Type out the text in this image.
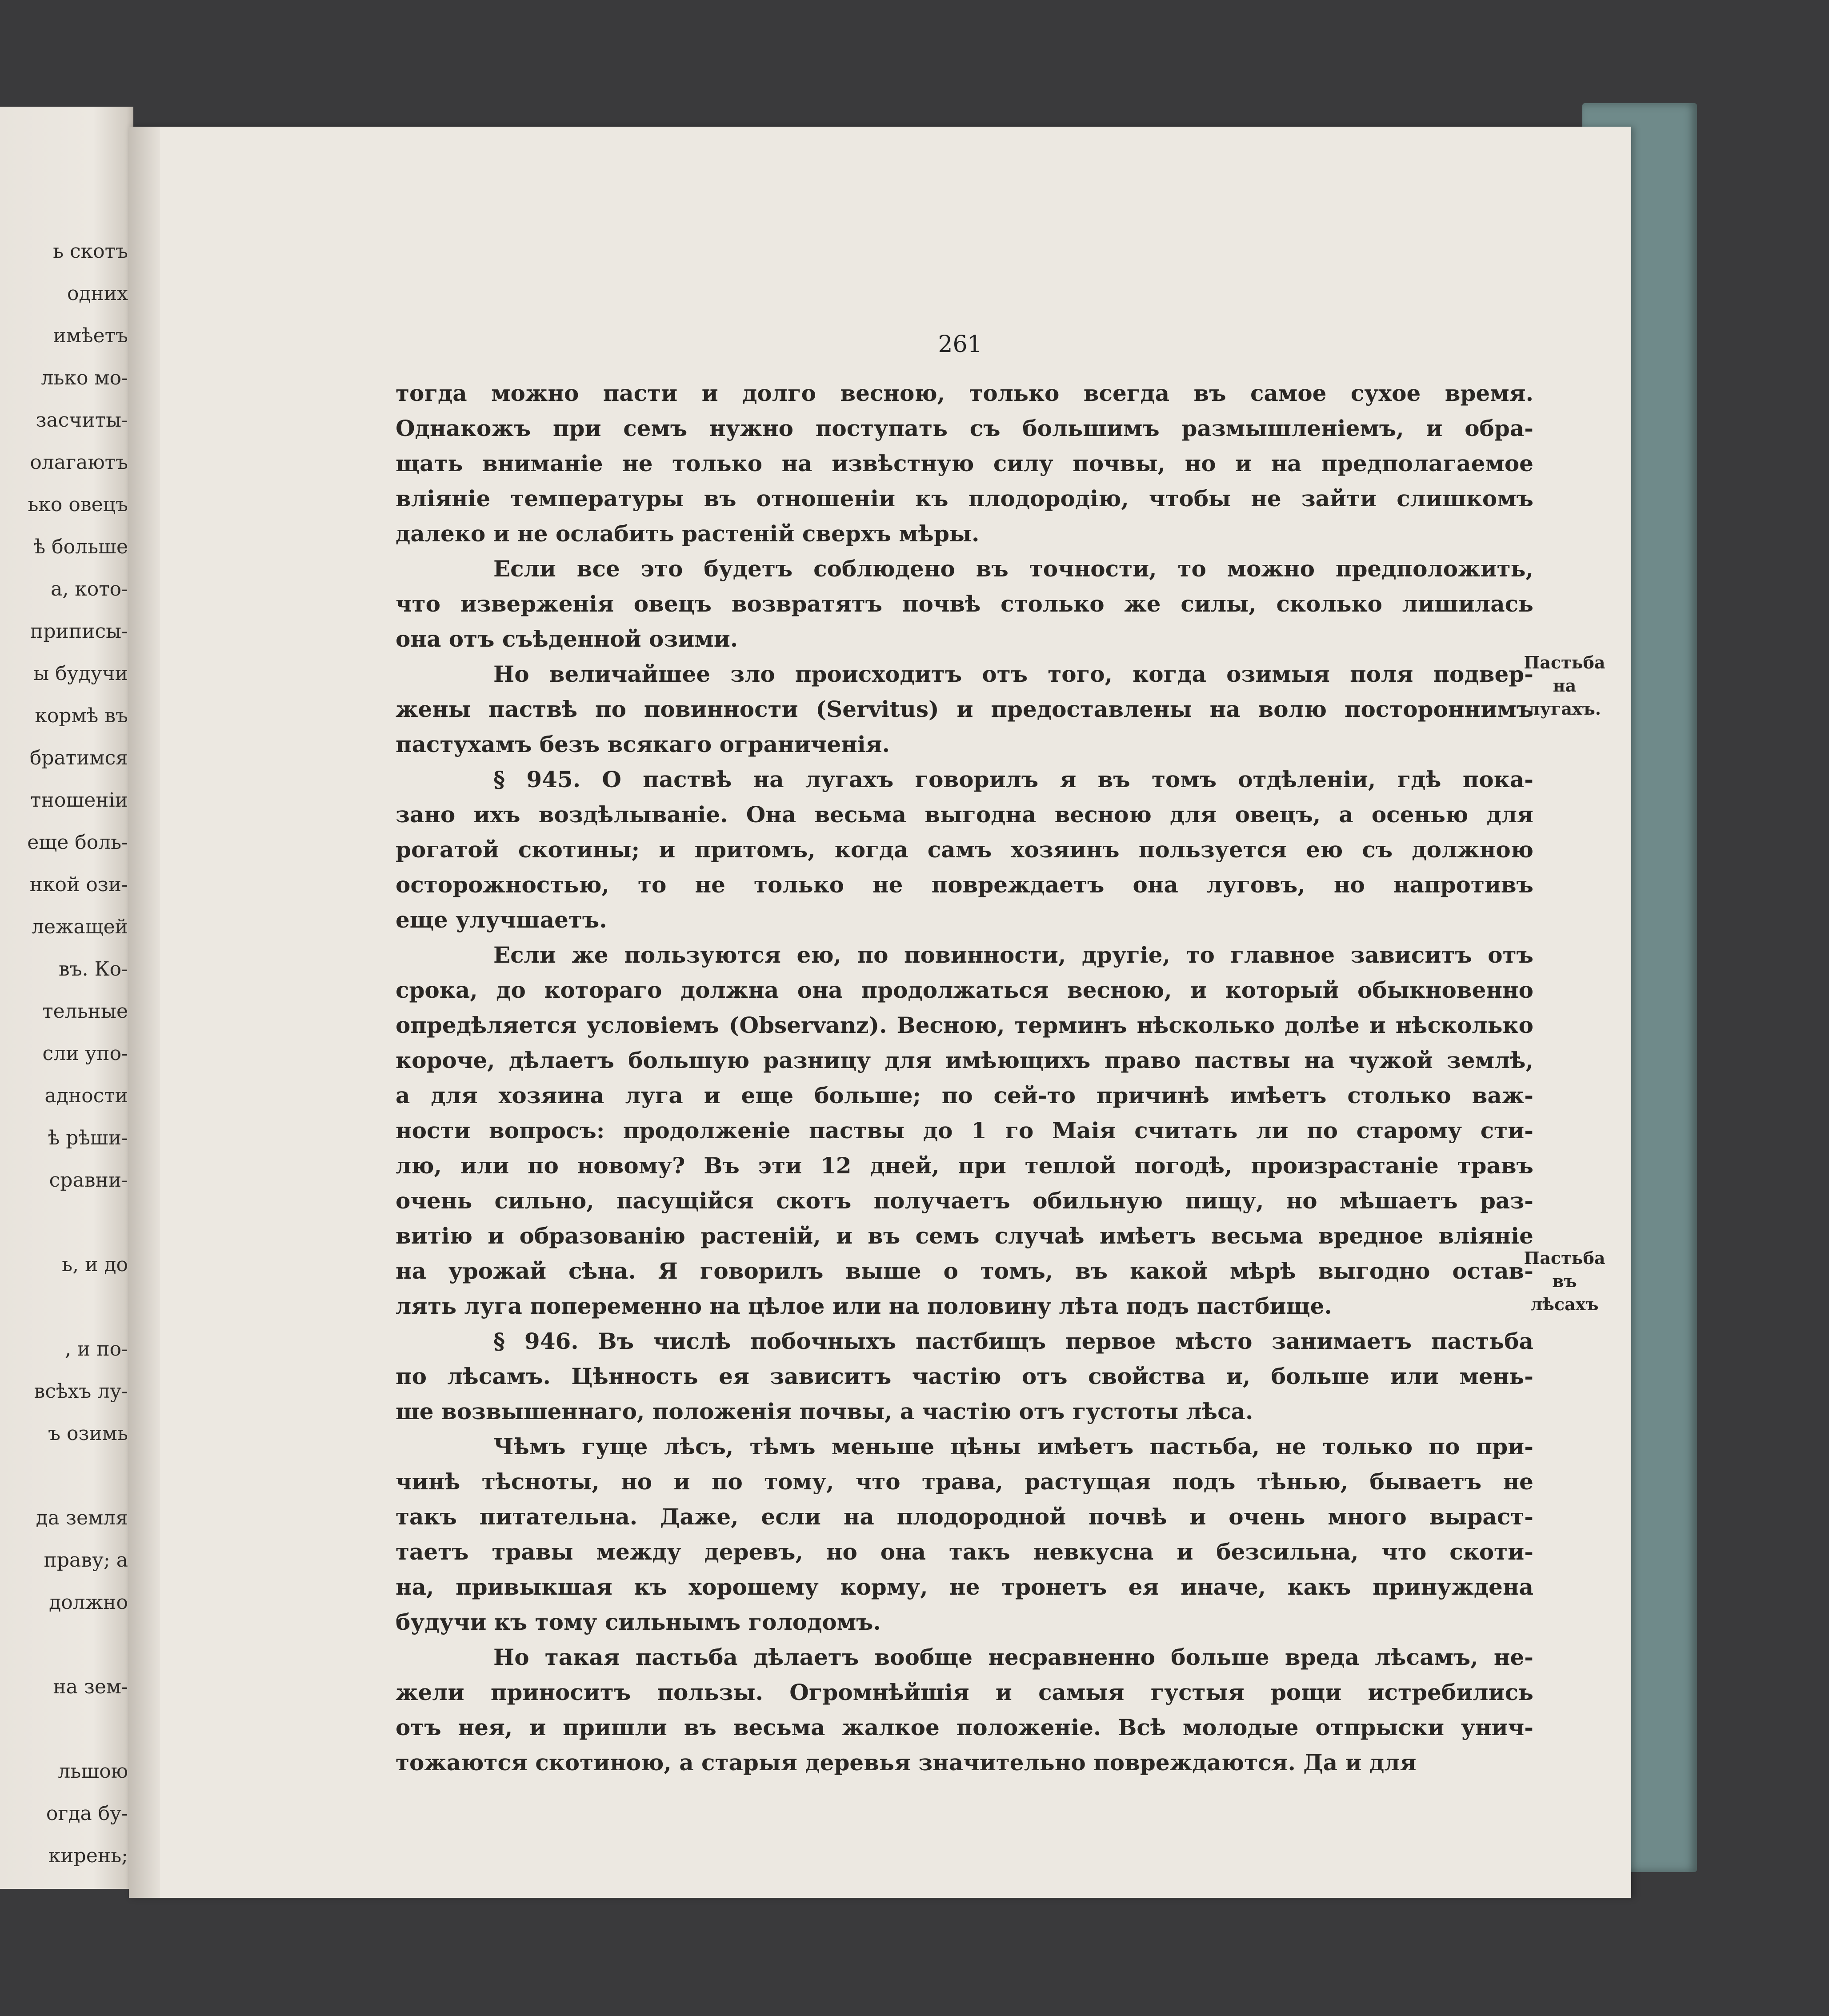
ь скотъ
одних
имѣетъ
лько мо-
засчиты-
олагаютъ
ько овецъ
ѣ больше
а, кото-
приписы-
ы будучи
кормѣ въ
братимся
тношеніи
еще боль-
нкой ози-
лежащей
въ. Ко-
тельные
сли упо-
адности
ѣ рѣши-
сравни-
ь, и до
, и по-
всѣхъ лу-
ъ озимь
да земля
праву; а
должно
на зем-
льшою
огда бу-
кирень;
261
тогда можно пасти и долго весною, только всегда въ самое сухое время.
Однакожъ при семъ нужно поступать съ большимъ размышленіемъ, и обра-
щать вниманіе не только на извѣстную силу почвы, но и на предполагаемое
вліяніе температуры въ отношеніи къ плодородію, чтобы не зайти слишкомъ
далеко и не ослабить растеній сверхъ мѣры.
Если все это будетъ соблюдено въ точности, то можно предположить,
что изверженія овецъ возвратятъ почвѣ столько же силы, сколько лишилась
она отъ съѣденной озими.
Но величайшее зло происходитъ отъ того, когда озимыя поля подвер-
жены паствѣ по повинности (Servitus) и предоставлены на волю постороннимъ
пастухамъ безъ всякаго ограниченія.
§ 945. О паствѣ на лугахъ говорилъ я въ томъ отдѣленіи, гдѣ пока-
зано ихъ воздѣлываніе. Она весьма выгодна весною для овецъ, а осенью для
рогатой скотины; и притомъ, когда самъ хозяинъ пользуется ею съ должною
осторожностью, то не только не повреждаетъ она луговъ, но напротивъ
еще улучшаетъ.
Если же пользуются ею, по повинности, другіе, то главное зависитъ отъ
срока, до котораго должна она продолжаться весною, и который обыкновенно
опредѣляется условіемъ (Observanz). Весною, терминъ нѣсколько долѣе и нѣсколько
короче, дѣлаетъ большую разницу для имѣющихъ право паствы на чужой землѣ,
а для хозяина луга и еще больше; по сей-то причинѣ имѣетъ столько важ-
ности вопросъ: продолженіе паствы до 1 го Маія считать ли по старому сти-
лю, или по новому? Въ эти 12 дней, при теплой погодѣ, произрастаніе травъ
очень сильно, пасущійся скотъ получаетъ обильную пищу, но мѣшаетъ раз-
витію и образованію растеній, и въ семъ случаѣ имѣетъ весьма вредное вліяніе
на урожай сѣна. Я говорилъ выше о томъ, въ какой мѣрѣ выгодно остав-
лять луга попеременно на цѣлое или на половину лѣта подъ пастбище.
§ 946. Въ числѣ побочныхъ пастбищъ первое мѣсто занимаетъ пастьба
по лѣсамъ. Цѣнность ея зависитъ частію отъ свойства и, больше или мень-
ше возвышеннаго, положенія почвы, а частію отъ густоты лѣса.
Чѣмъ гуще лѣсъ, тѣмъ меньше цѣны имѣетъ пастьба, не только по при-
чинѣ тѣсноты, но и по тому, что трава, растущая подъ тѣнью, бываетъ не
такъ питательна. Даже, если на плодородной почвѣ и очень много выраст-
таетъ травы между деревъ, но она такъ невкусна и безсильна, что скоти-
на, привыкшая къ хорошему корму, не тронетъ ея иначе, какъ принуждена
будучи къ тому сильнымъ голодомъ.
Но такая пастьба дѣлаетъ вообще несравненно больше вреда лѣсамъ, не-
жели приноситъ пользы. Огромнѣйшія и самыя густыя рощи истребились
отъ нея, и пришли въ весьма жалкое положеніе. Всѣ молодые отпрыски унич-
тожаются скотиною, а старыя деревья значительно повреждаются. Да и для
Пастьба на
лугахъ.
Пастьба въ
лѣсахъ
